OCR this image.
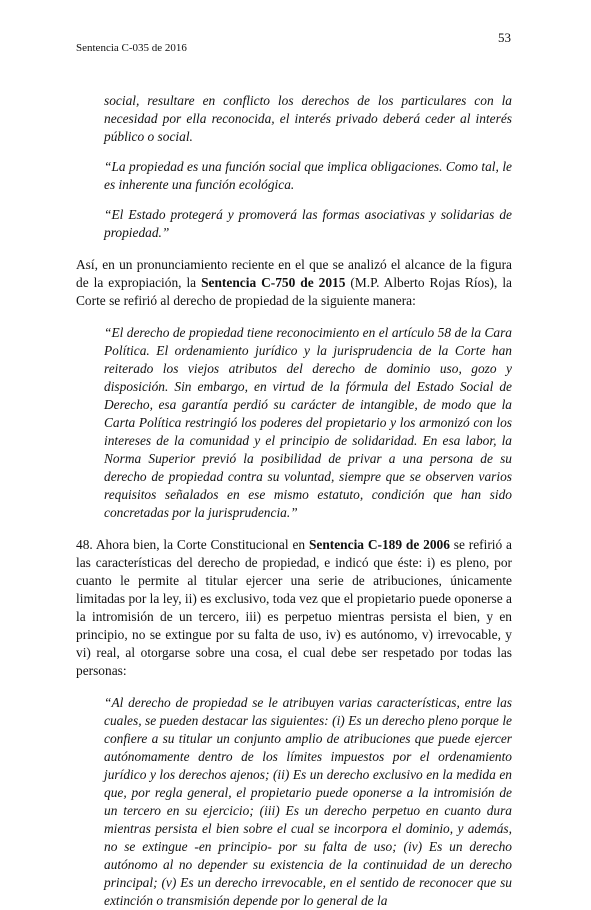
53
Sentencia C-035 de 2016

social, resultare en conflicto los derechos de los particulares con la necesidad por ella reconocida, el interés privado deberá ceder al interés público o social.

“La propiedad es una función social que implica obligaciones. Como tal, le es inherente una función ecológica.

“El Estado protegerá y promoverá las formas asociativas y solidarias de propiedad.”

Así, en un pronunciamiento reciente en el que se analizó el alcance de la figura de la expropiación, la Sentencia C-750 de 2015 (M.P. Alberto Rojas Ríos), la Corte se refirió al derecho de propiedad de la siguiente manera:

“El derecho de propiedad tiene reconocimiento en el artículo 58 de la Cara Política. El ordenamiento jurídico y la jurisprudencia de la Corte han reiterado los viejos atributos del derecho de dominio uso, gozo y disposición. Sin embargo, en virtud de la fórmula del Estado Social de Derecho, esa garantía perdió su carácter de intangible, de modo que la Carta Política restringió los poderes del propietario y los armonizó con los intereses de la comunidad y el principio de solidaridad. En esa labor, la Norma Superior previó la posibilidad de privar a una persona de su derecho de propiedad contra su voluntad, siempre que se observen varios requisitos señalados en ese mismo estatuto, condición que han sido concretadas por la jurisprudencia.”

48. Ahora bien, la Corte Constitucional en Sentencia C-189 de 2006 se refirió a las características del derecho de propiedad, e indicó que éste: i) es pleno, por cuanto le permite al titular ejercer una serie de atribuciones, únicamente limitadas por la ley, ii) es exclusivo, toda vez que el propietario puede oponerse a la intromisión de un tercero, iii) es perpetuo mientras persista el bien, y en principio, no se extingue por su falta de uso, iv) es autónomo, v) irrevocable, y vi) real, al otorgarse sobre una cosa, el cual debe ser respetado por todas las personas:

“Al derecho de propiedad se le atribuyen varias características, entre las cuales, se pueden destacar las siguientes: (i) Es un derecho pleno porque le confiere a su titular un conjunto amplio de atribuciones que puede ejercer autónomamente dentro de los límites impuestos por el ordenamiento jurídico y los derechos ajenos; (ii) Es un derecho exclusivo en la medida en que, por regla general, el propietario puede oponerse a la intromisión de un tercero en su ejercicio; (iii) Es un derecho perpetuo en cuanto dura mientras persista el bien sobre el cual se incorpora el dominio, y además, no se extingue -en principio- por su falta de uso; (iv) Es un derecho autónomo al no depender su existencia de la continuidad de un derecho principal; (v) Es un derecho irrevocable, en el sentido de reconocer que su extinción o transmisión depende por lo general de la
